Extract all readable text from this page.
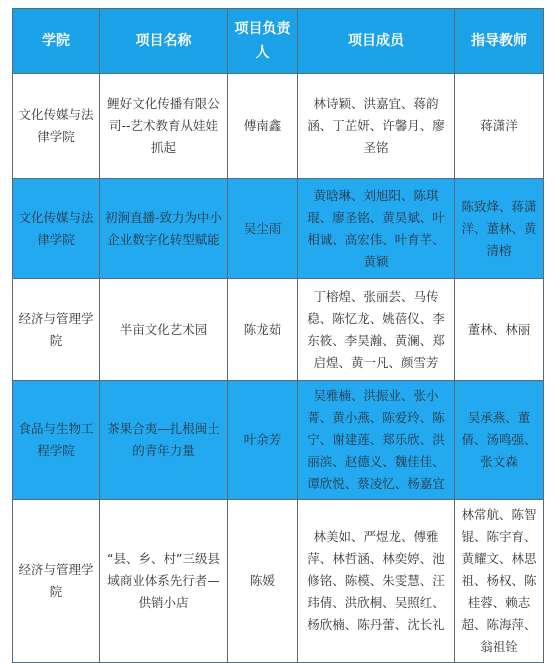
学院	项目名称	项目负责人	项目成员	指导教师
文化传媒与法律学院	鲤好文化传播有限公司--艺术教育从娃娃抓起	傅南鑫	林诗颖、洪嘉宜、蒋韵涵、丁芷妍、许馨月、廖圣铭	蒋潇洋
文化传媒与法律学院	初涧直播-致力为中小企业数字化转型赋能	吴尘雨	黄晗琳、刘旭阳、陈琪琨、廖圣铭、黄昊斌、叶相诚、高宏伟、叶育芊、黄颖	陈致烽、蒋潇洋、董林、黄清榕
经济与管理学院	半亩文化艺术园	陈龙茹	丁榕煌、张丽芸、马传稳、陈忆龙、姚蓓仪、李东筱、李昊瀚、黄澜、郑启煌、黄一凡、颜雪芳	董林、林丽
食品与生物工程学院	茶果合夷—扎根闽土的青年力量	叶余芳	吴雅楠、洪振业、张小菁、黄小燕、陈爱玲、陈宁、谢建莲、郑乐欣、洪丽滨、赵德义、魏佳佳、谭欣悦、蔡凌忆、杨嘉宜	吴承燕、董倩、汤鸣强、张文森
经济与管理学院	“县、乡、村”三级县域商业体系先行者—供销小店	陈媛	林美如、严煜龙、傅雅萍、林哲涵、林奕婷、池修铭、陈模、朱雯慧、汪玮倩、洪欣桐、吴照红、杨欣楠、陈丹蕾、沈长礼	林常航、陈智锟、陈宇育、黄耀文、林思祖、杨权、陈桂蓉、赖志超、陈海萍、翁祖铨
